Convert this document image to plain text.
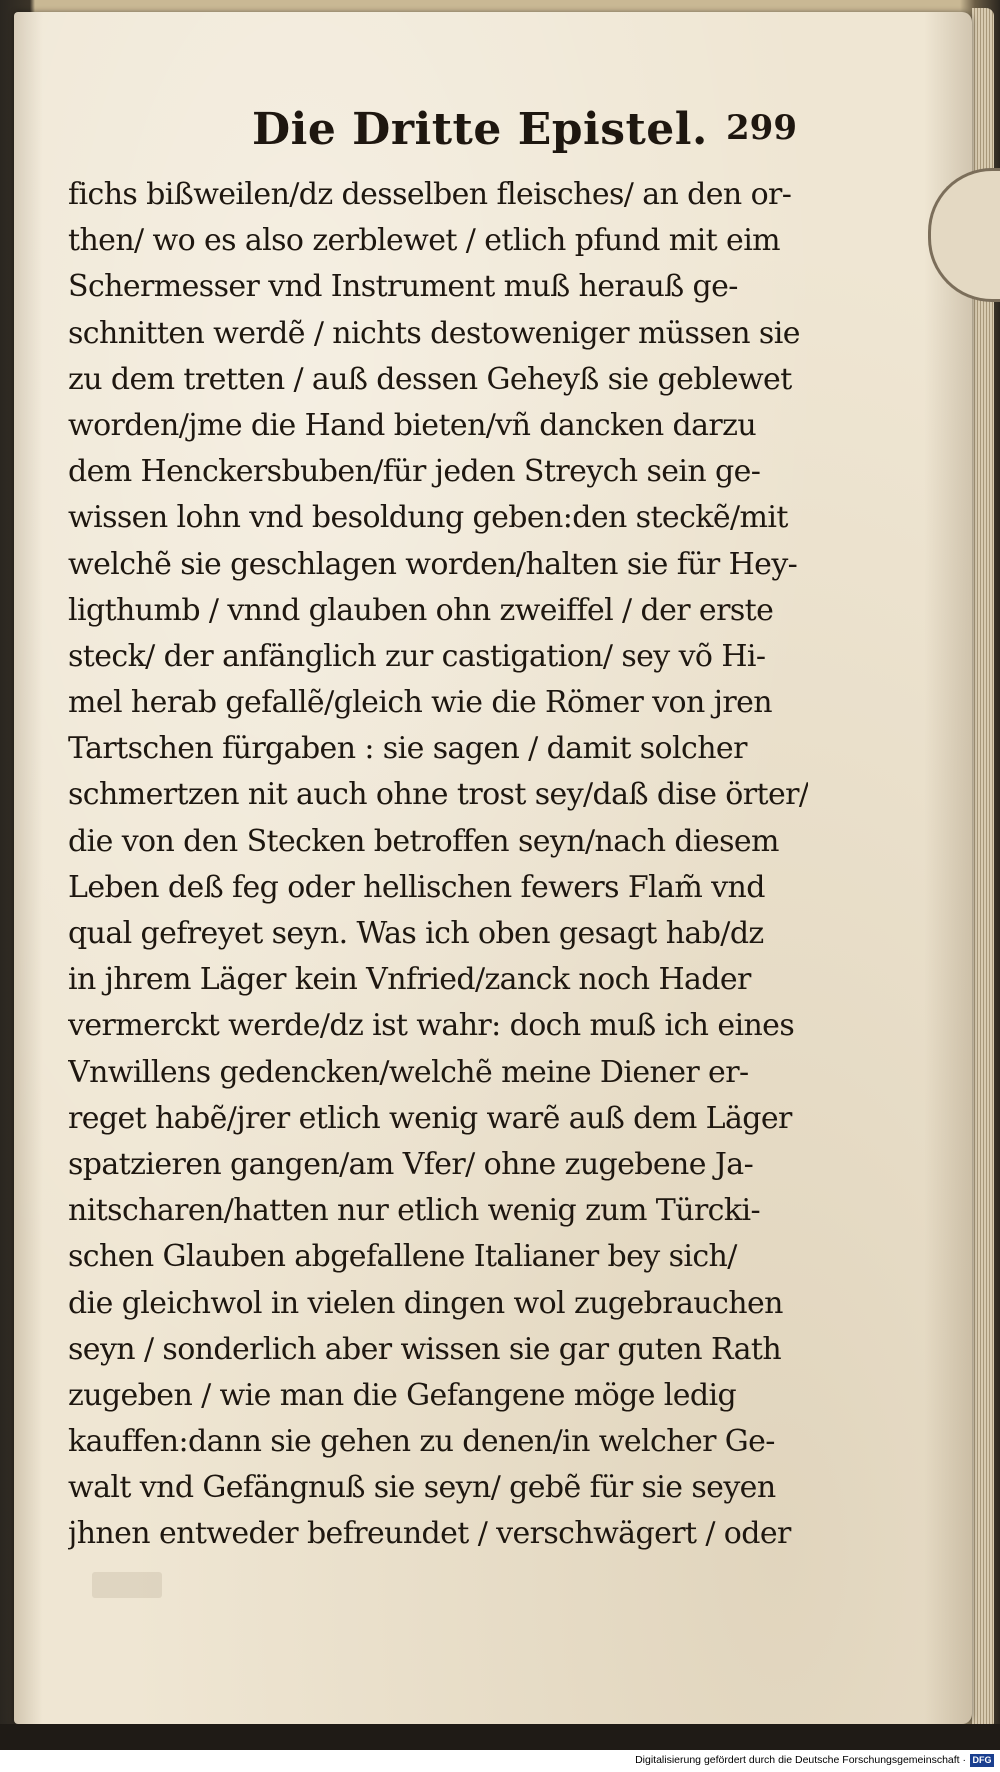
Die Dritte Epistel. 299
fichs bißweilen/dz desselben fleisches/ an den or-
then/ wo es also zerblewet / etlich pfund mit eim
Schermesser vnd Instrument muß herauß ge-
schnitten werdẽ / nichts destoweniger müssen sie
zu dem tretten / auß dessen Geheyß sie geblewet
worden/jme die Hand bieten/vñ dancken darzu
dem Henckersbuben/für jeden Streych sein ge-
wissen lohn vnd besoldung geben:den steckẽ/mit
welchẽ sie geschlagen worden/halten sie für Hey-
ligthumb / vnnd glauben ohn zweiffel / der erste
steck/ der anfänglich zur castigation/ sey võ Hi-
mel herab gefallẽ/gleich wie die Römer von jren
Tartschen fürgaben : sie sagen / damit solcher
schmertzen nit auch ohne trost sey/daß dise örter/
die von den Stecken betroffen seyn/nach diesem
Leben deß feg oder hellischen fewers Flam̃ vnd
qual gefreyet seyn. Was ich oben gesagt hab/dz
in jhrem Läger kein Vnfried/zanck noch Hader
vermerckt werde/dz ist wahr: doch muß ich eines
Vnwillens gedencken/welchẽ meine Diener er-
reget habẽ/jrer etlich wenig warẽ auß dem Läger
spatzieren gangen/am Vfer/ ohne zugebene Ja-
nitscharen/hatten nur etlich wenig zum Türcki-
schen Glauben abgefallene Italianer bey sich/
die gleichwol in vielen dingen wol zugebrauchen
seyn / sonderlich aber wissen sie gar guten Rath
zugeben / wie man die Gefangene möge ledig
kauffen:dann sie gehen zu denen/in welcher Ge-
walt vnd Gefängnuß sie seyn/ gebẽ für sie seyen
jhnen entweder befreundet / verschwägert / oder
Digitalisierung gefördert durch die Deutsche Forschungsgemeinschaft · DFG
